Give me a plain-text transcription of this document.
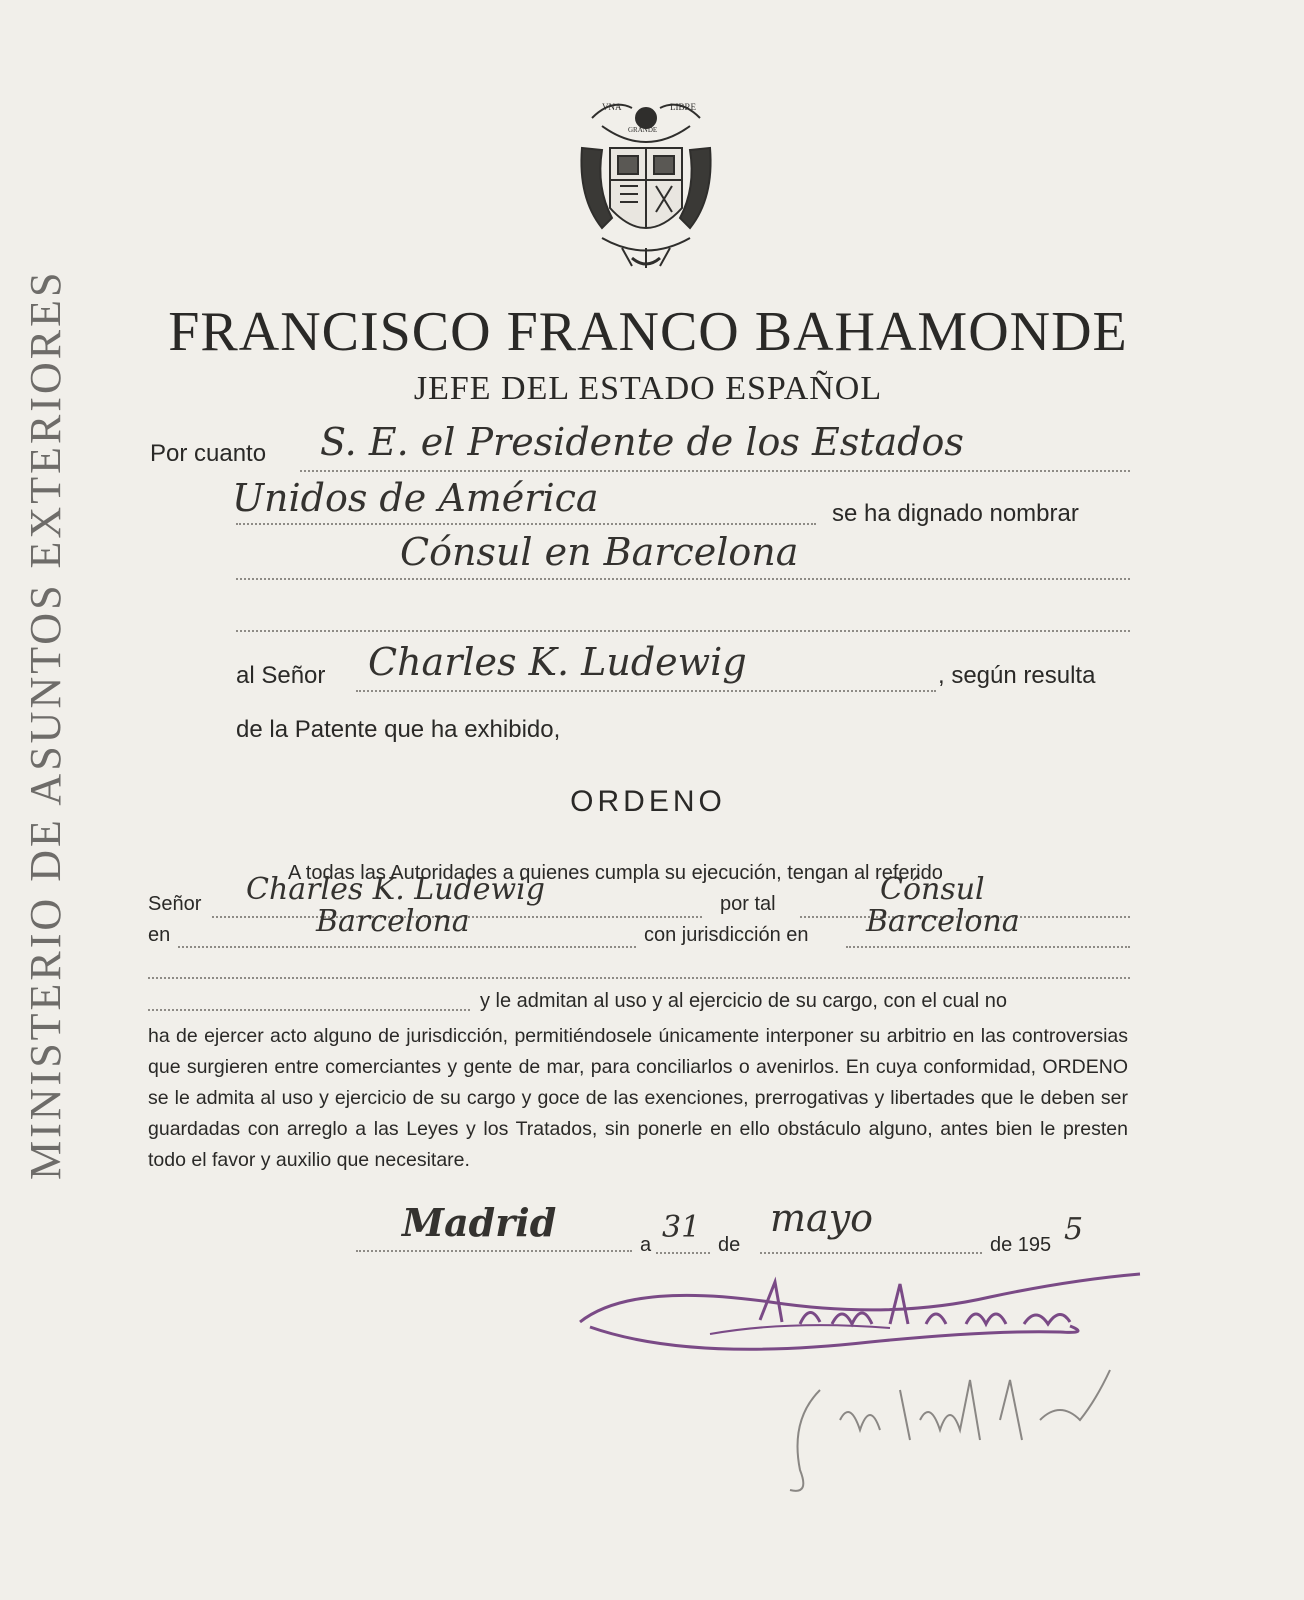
MINISTERIO DE ASUNTOS EXTERIORES
VNA
GRANDE
LIBRE
FRANCISCO FRANCO BAHAMONDE
JEFE DEL ESTADO ESPAÑOL
Por cuanto S. E. el Presidente de los Estados
Unidos de América	se ha dignado nombrar
Cónsul en Barcelona
al Señor Charles K. Ludewig	, según resulta
de la Patente que ha exhibido,
ORDENO
A todas las Autoridades a quienes cumpla su ejecución, tengan al referido
Señor Charles K. Ludewig	por tal	Cónsul
en	Barcelona	con jurisdicción en Barcelona
y le admitan al uso y al ejercicio de su cargo, con el cual no
ha de ejercer acto alguno de jurisdicción, permitiéndosele únicamente interponer su arbitrio en las controversias que surgieren entre comerciantes y gente de mar, para conciliarlos o avenirlos. En cuya conformidad, ORDENO se le admita al uso y ejercicio de su cargo y goce de las exenciones, prerrogativas y libertades que le deben ser guardadas con arreglo a las Leyes y los Tratados, sin ponerle en ello obstáculo alguno, antes bien le presten todo el favor y auxilio que necesitare.
Madrid	a 31 de
mayo
de 195 5
